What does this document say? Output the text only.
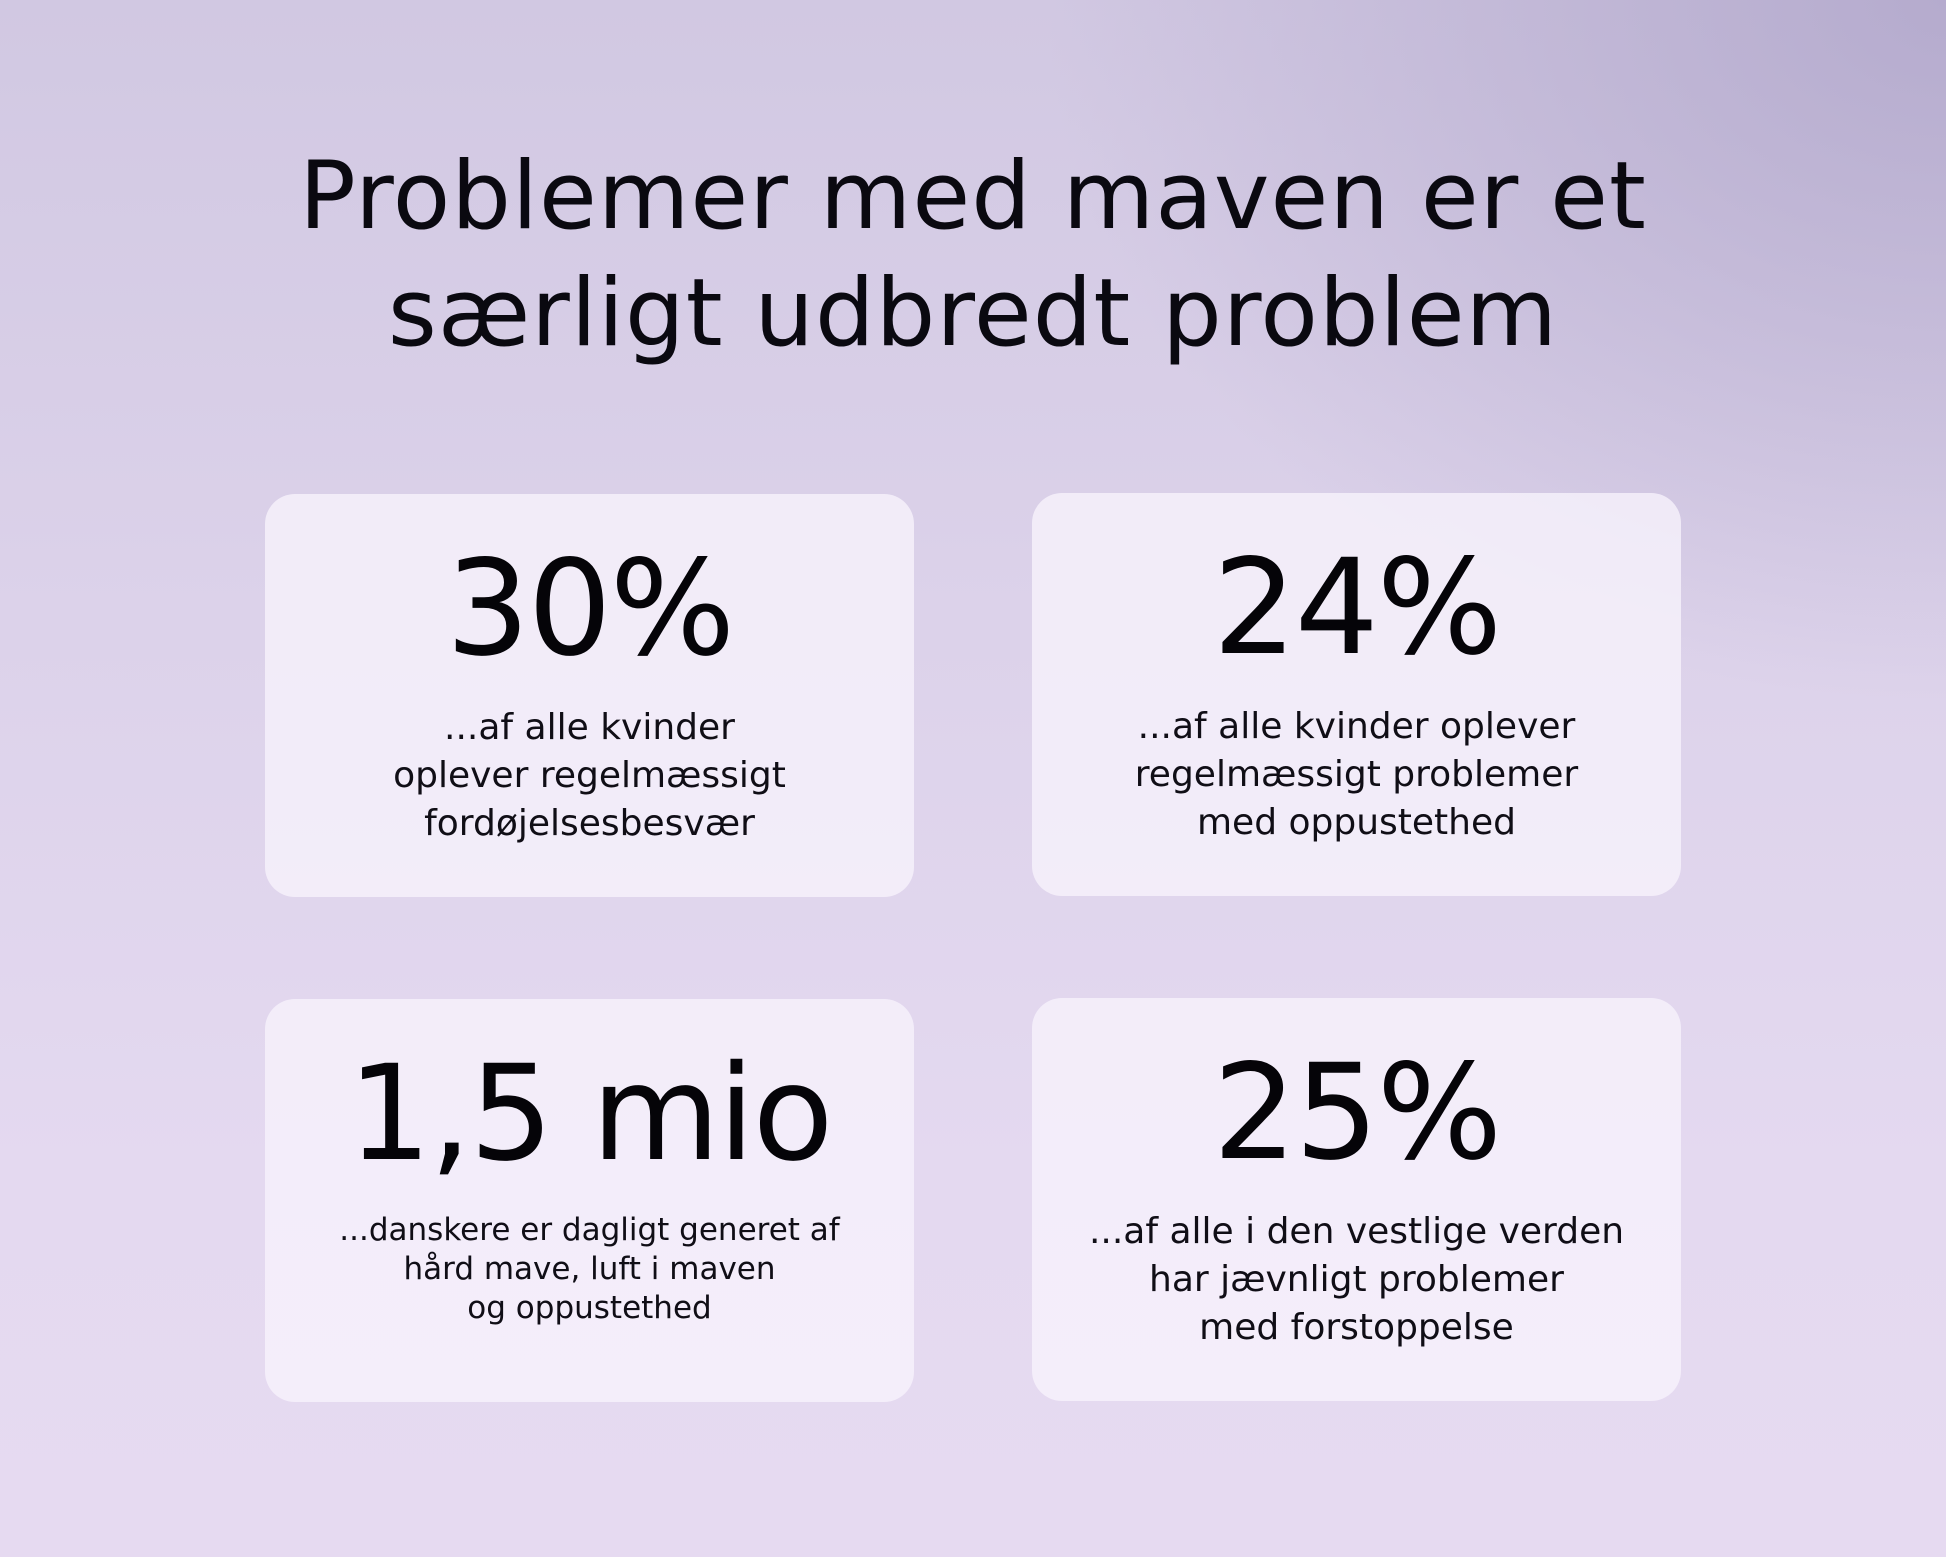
Problemer med maven er et
særligt udbredt problem
30%
...af alle kvinder
oplever regelmæssigt
fordøjelsesbesvær
24%
...af alle kvinder oplever
regelmæssigt problemer
med oppustethed
1,5 mio
...danskere er dagligt generet af
hård mave, luft i maven
og oppustethed
25%
...af alle i den vestlige verden
har jævnligt problemer
med forstoppelse
